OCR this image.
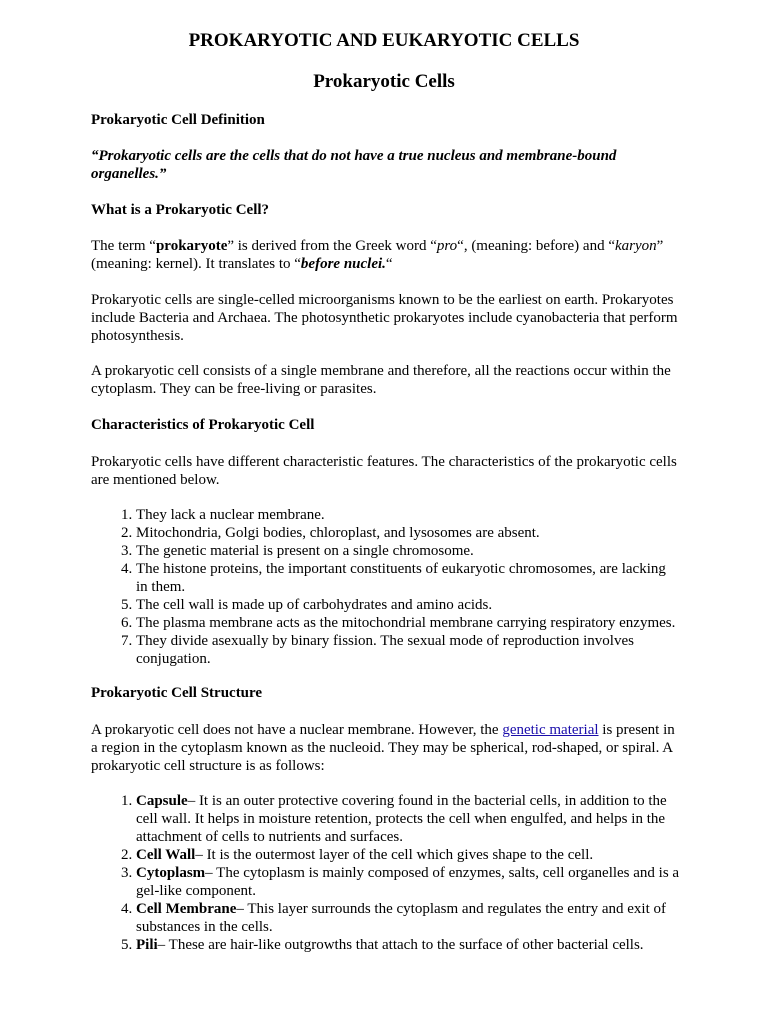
PROKARYOTIC AND EUKARYOTIC CELLS
Prokaryotic Cells

Prokaryotic Cell Definition

“Prokaryotic cells are the cells that do not have a true nucleus and membrane-bound organelles.”

What is a Prokaryotic Cell?

The term “prokaryote” is derived from the Greek word “pro“, (meaning: before) and “karyon” (meaning: kernel). It translates to “before nuclei.“

Prokaryotic cells are single-celled microorganisms known to be the earliest on earth. Prokaryotes include Bacteria and Archaea. The photosynthetic prokaryotes include cyanobacteria that perform photosynthesis.

A prokaryotic cell consists of a single membrane and therefore, all the reactions occur within the cytoplasm. They can be free-living or parasites.

Characteristics of Prokaryotic Cell

Prokaryotic cells have different characteristic features. The characteristics of the prokaryotic cells are mentioned below.

1. They lack a nuclear membrane.
2. Mitochondria, Golgi bodies, chloroplast, and lysosomes are absent.
3. The genetic material is present on a single chromosome.
4. The histone proteins, the important constituents of eukaryotic chromosomes, are lacking in them.
5. The cell wall is made up of carbohydrates and amino acids.
6. The plasma membrane acts as the mitochondrial membrane carrying respiratory enzymes.
7. They divide asexually by binary fission. The sexual mode of reproduction involves conjugation.

Prokaryotic Cell Structure

A prokaryotic cell does not have a nuclear membrane. However, the genetic material is present in a region in the cytoplasm known as the nucleoid. They may be spherical, rod-shaped, or spiral. A prokaryotic cell structure is as follows:

1. Capsule– It is an outer protective covering found in the bacterial cells, in addition to the cell wall. It helps in moisture retention, protects the cell when engulfed, and helps in the attachment of cells to nutrients and surfaces.
2. Cell Wall– It is the outermost layer of the cell which gives shape to the cell.
3. Cytoplasm– The cytoplasm is mainly composed of enzymes, salts, cell organelles and is a gel-like component.
4. Cell Membrane– This layer surrounds the cytoplasm and regulates the entry and exit of substances in the cells.
5. Pili– These are hair-like outgrowths that attach to the surface of other bacterial cells.
